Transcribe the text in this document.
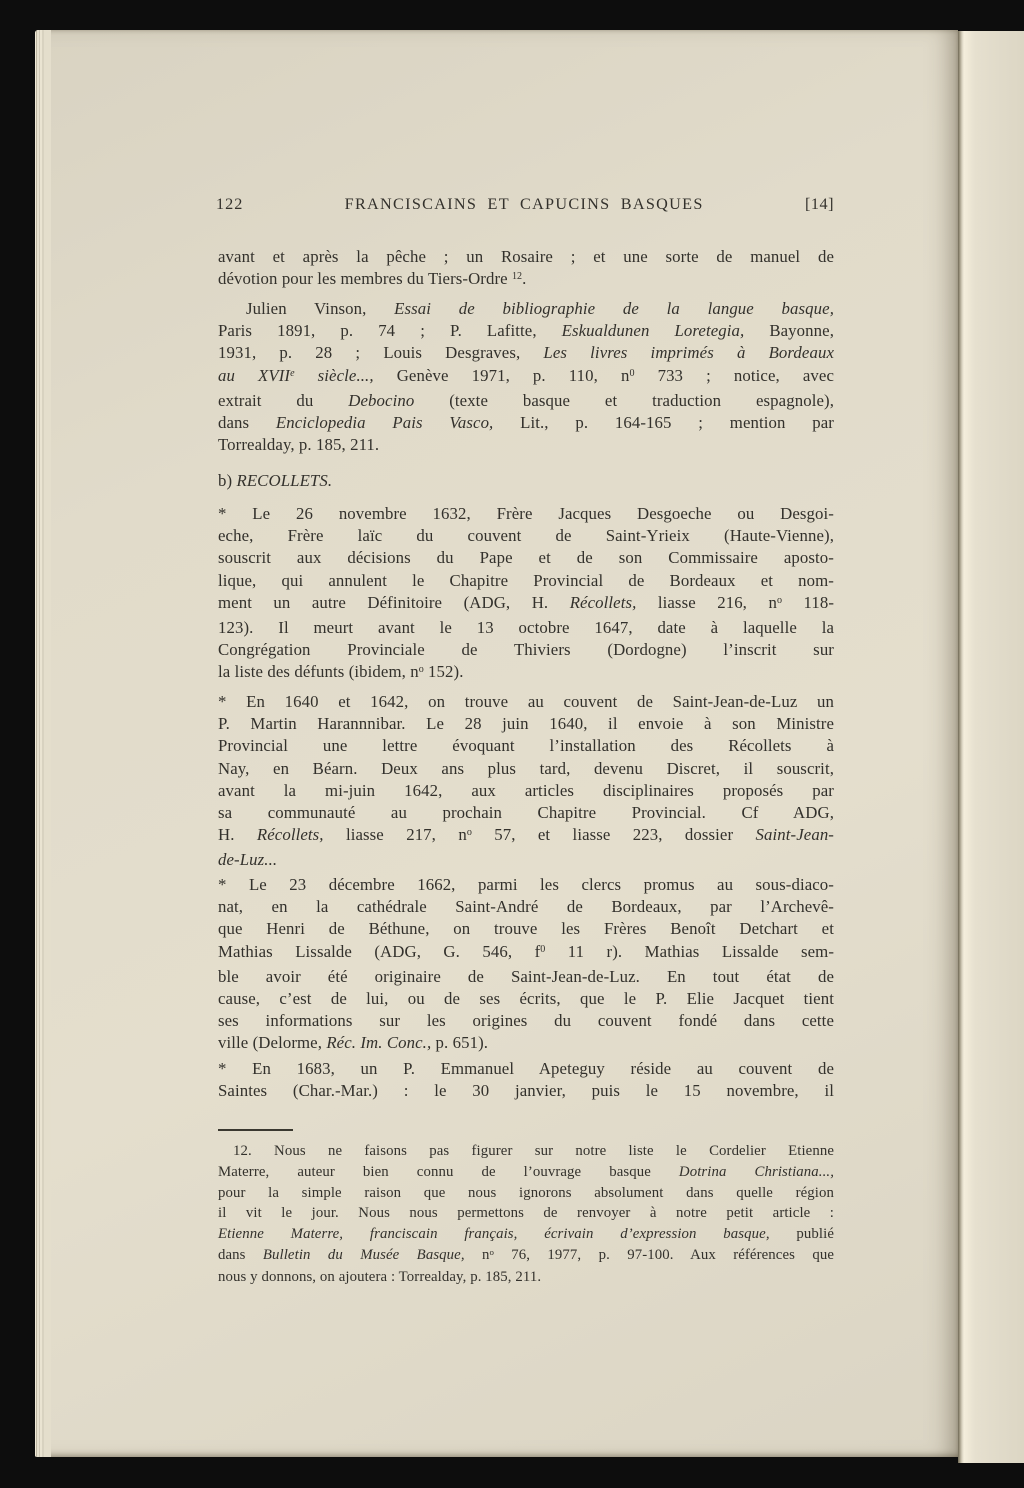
122	FRANCISCAINS ET CAPUCINS BASQUES	[14]
avant et après la pêche ; un Rosaire ; et une sorte de manuel de
dévotion pour les membres du Tiers-Ordre $^{12}$.
Julien Vinson, Essai de bibliographie de la langue basque,
Paris 1891, p. 74 ; P. Lafitte, Eskualdunen Loretegia, Bayonne,
1931, p. 28 ; Louis Desgraves, Les livres imprimés à Bordeaux
au XVIIe siècle..., Genève 1971, p. 110, $n^0$ 733 ; notice, avec
extrait du Debocino (texte basque et traduction espagnole),
dans Enciclopedia Pais Vasco, Lit., p. 164-165 ; mention par
Torrealday, p. 185, 211.
b) RECOLLETS.
* Le 26 novembre 1632, Frère Jacques Desgoeche ou Desgoi-
eche, Frère laïc du couvent de Saint-Yrieix (Haute-Vienne),
souscrit aux décisions du Pape et de son Commissaire aposto-
lique, qui annulent le Chapitre Provincial de Bordeaux et nom-
ment un autre Définitoire (ADG, H. Récollets, liasse 216, $n^o$ 118-
123). Il meurt avant le 13 octobre 1647, date à laquelle la
Congrégation Provinciale de Thiviers (Dordogne) l’inscrit sur
la liste des défunts (ibidem, $n^o$ 152).
* En 1640 et 1642, on trouve au couvent de Saint-Jean-de-Luz un
P. Martin Harannnibar. Le 28 juin 1640, il envoie à son Ministre
Provincial une lettre évoquant l’installation des Récollets à
Nay, en Béarn. Deux ans plus tard, devenu Discret, il souscrit,
avant la mi-juin 1642, aux articles disciplinaires proposés par
sa communauté au prochain Chapitre Provincial. Cf ADG,
H. Récollets, liasse 217, $n^o$ 57, et liasse 223, dossier Saint-Jean-
de-Luz...
* Le 23 décembre 1662, parmi les clercs promus au sous-diaco-
nat, en la cathédrale Saint-André de Bordeaux, par l’Archevê-
que Henri de Béthune, on trouve les Frères Benoît Detchart et
Mathias Lissalde (ADG, G. 546, $f^0$ 11 r). Mathias Lissalde sem-
ble avoir été originaire de Saint-Jean-de-Luz. En tout état de
cause, c’est de lui, ou de ses écrits, que le P. Elie Jacquet tient
ses informations sur les origines du couvent fondé dans cette
ville (Delorme, Réc. Im. Conc., p. 651).
* En 1683, un P. Emmanuel Apeteguy réside au couvent de
Saintes (Char.-Mar.) : le 30 janvier, puis le 15 novembre, il
12. Nous ne faisons pas figurer sur notre liste le Cordelier Etienne
Materre, auteur bien connu de l’ouvrage basque Dotrina Christiana...,
pour la simple raison que nous ignorons absolument dans quelle région
il vit le jour. Nous nous permettons de renvoyer à notre petit article :
Etienne Materre, franciscain français, écrivain d’expression basque, publié
dans Bulletin du Musée Basque, $n^o$ 76, 1977, p. 97-100. Aux références que
nous y donnons, on ajoutera : Torrealday, p. 185, 211.
